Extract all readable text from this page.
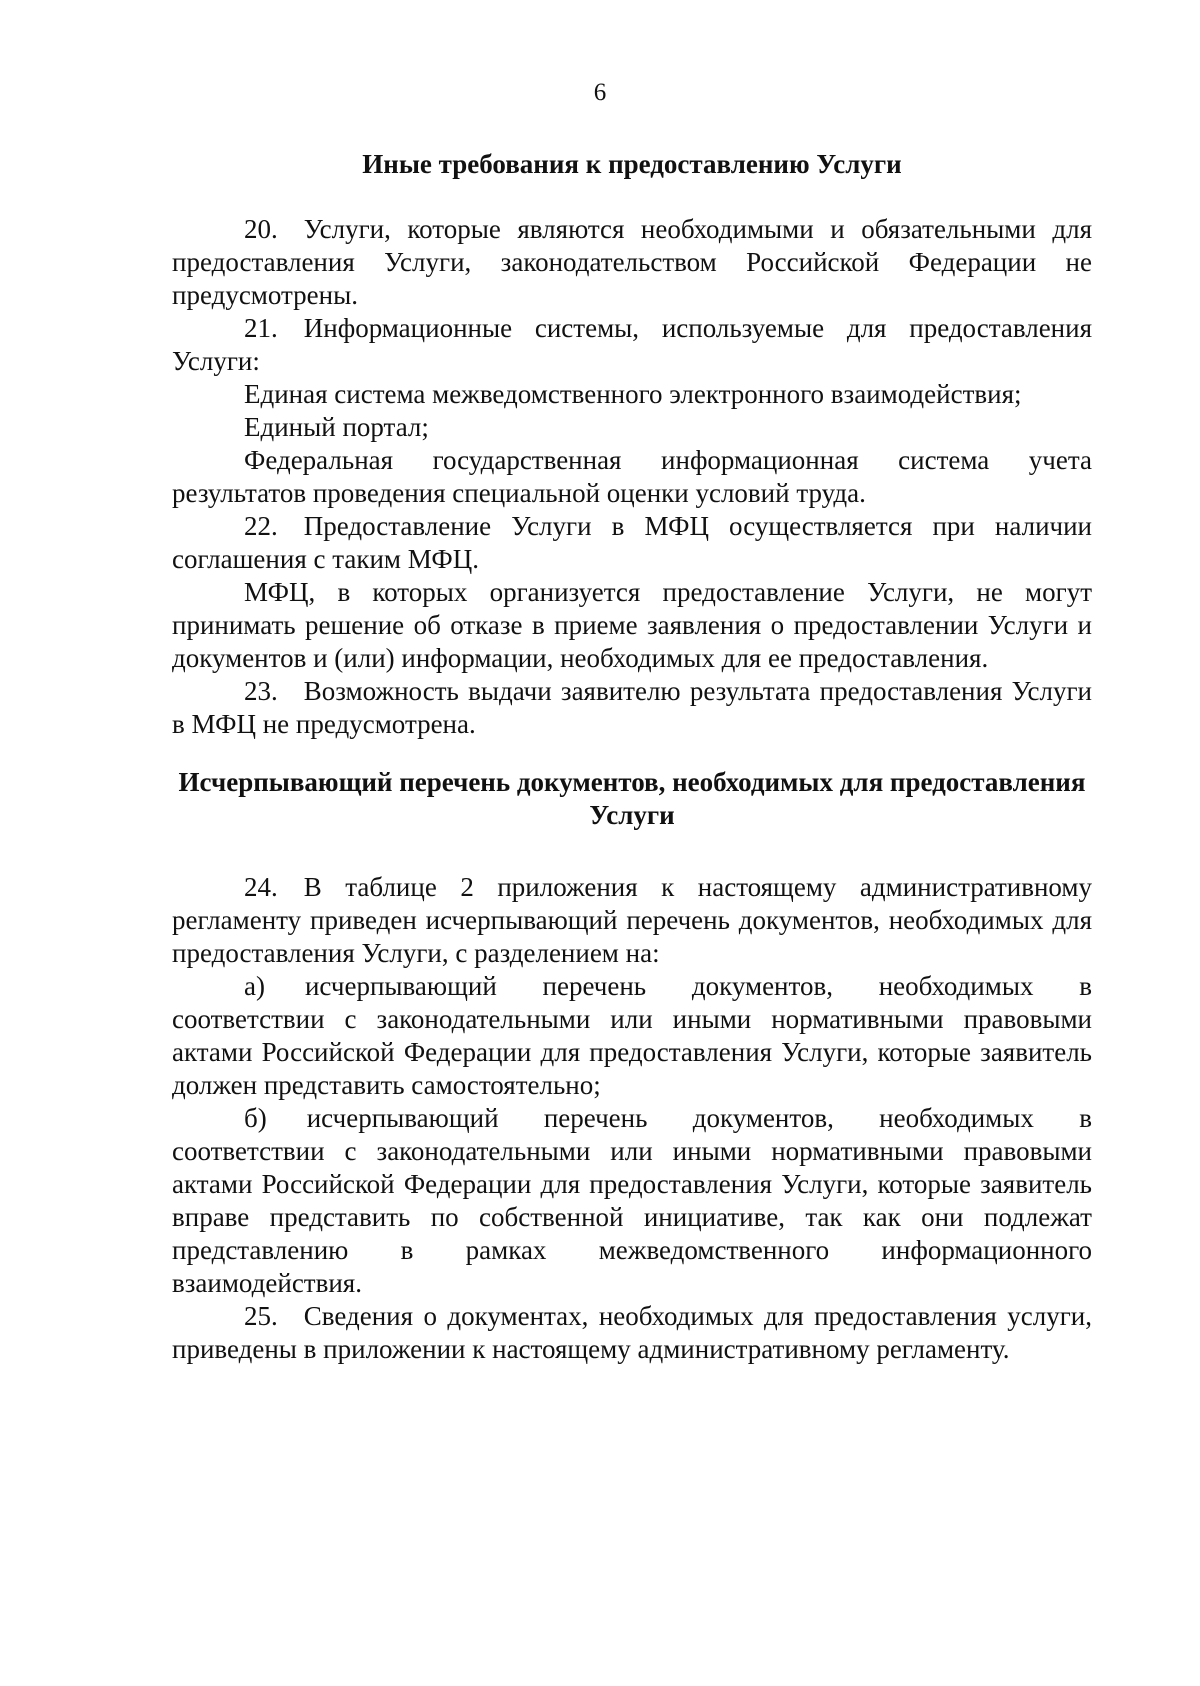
6
Иные требования к предоставлению Услуги
20. Услуги, которые являются необходимыми и обязательными для предоставления Услуги, законодательством Российской Федерации не предусмотрены.
21. Информационные системы, используемые для предоставления Услуги:
Единая система межведомственного электронного взаимодействия;
Единый портал;
Федеральная государственная информационная система учета результатов проведения специальной оценки условий труда.
22. Предоставление Услуги в МФЦ осуществляется при наличии соглашения с таким МФЦ.
МФЦ, в которых организуется предоставление Услуги, не могут принимать решение об отказе в приеме заявления о предоставлении Услуги и документов и (или) информации, необходимых для ее предоставления.
23. Возможность выдачи заявителю результата предоставления Услуги в МФЦ не предусмотрена.
Исчерпывающий перечень документов, необходимых для предоставления Услуги
24. В таблице 2 приложения к настоящему административному регламенту приведен исчерпывающий перечень документов, необходимых для предоставления Услуги, с разделением на:
а) исчерпывающий перечень документов, необходимых в соответствии с законодательными или иными нормативными правовыми актами Российской Федерации для предоставления Услуги, которые заявитель должен представить самостоятельно;
б) исчерпывающий перечень документов, необходимых в соответствии с законодательными или иными нормативными правовыми актами Российской Федерации для предоставления Услуги, которые заявитель вправе представить по собственной инициативе, так как они подлежат представлению в рамках межведомственного информационного взаимодействия.
25. Сведения о документах, необходимых для предоставления услуги, приведены в приложении к настоящему административному регламенту.
